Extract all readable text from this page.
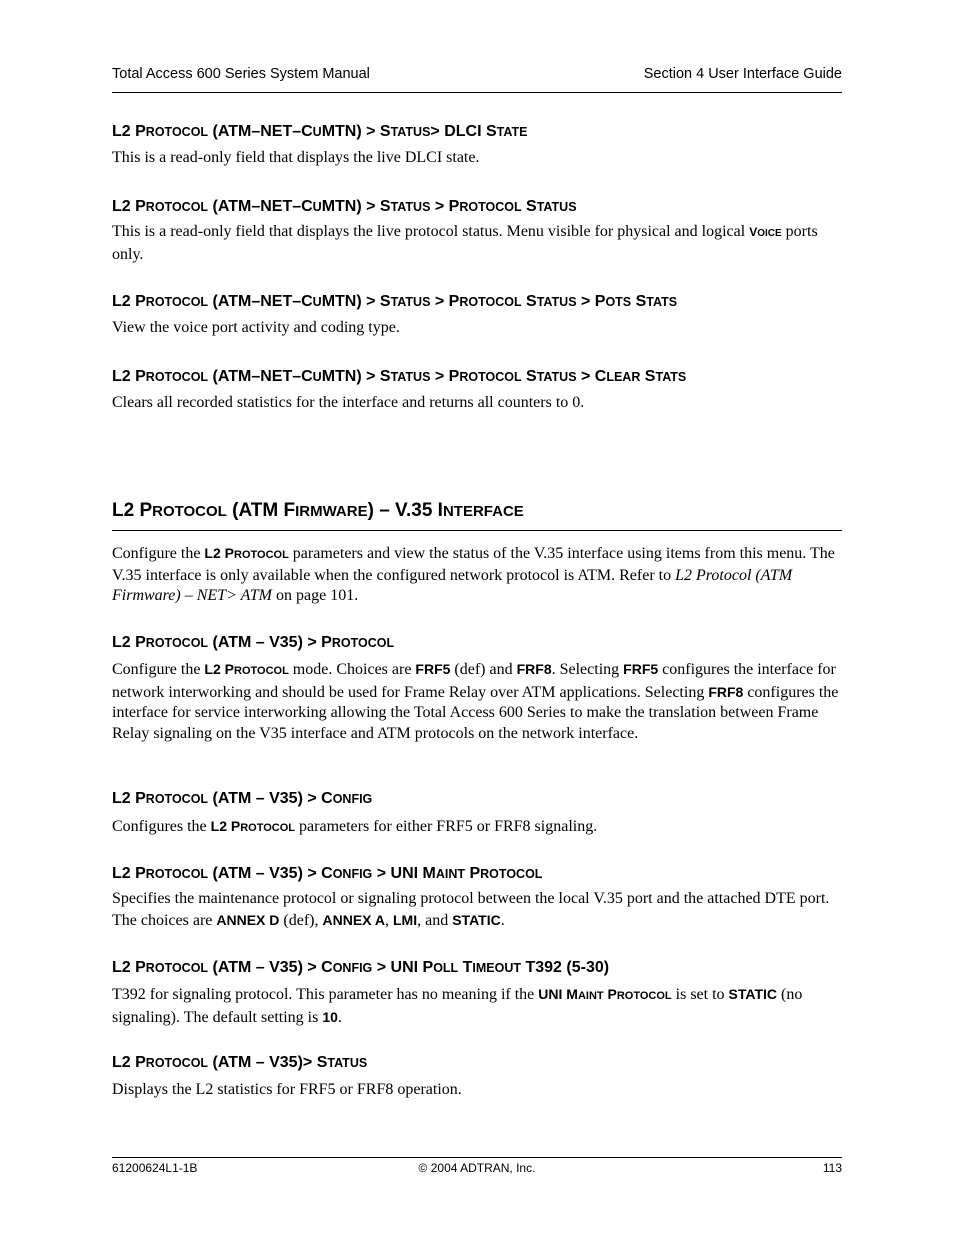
Total Access 600 Series System Manual	Section 4 User Interface Guide
L2 PROTOCOL (ATM–NET–CUMTN) > STATUS> DLCI STATE
This is a read-only field that displays the live DLCI state.
L2 PROTOCOL (ATM–NET–CUMTN) > STATUS > PROTOCOL STATUS
This is a read-only field that displays the live protocol status. Menu visible for physical and logical VOICE ports only.
L2 PROTOCOL (ATM–NET–CUMTN) > STATUS > PROTOCOL STATUS > POTS STATS
View the voice port activity and coding type.
L2 PROTOCOL (ATM–NET–CUMTN) > STATUS > PROTOCOL STATUS > CLEAR STATS
Clears all recorded statistics for the interface and returns all counters to 0.
L2 PROTOCOL (ATM FIRMWARE) – V.35 INTERFACE
Configure the L2 PROTOCOL parameters and view the status of the V.35 interface using items from this menu. The V.35 interface is only available when the configured network protocol is ATM. Refer to L2 Protocol (ATM Firmware) – NET> ATM on page 101.
L2 PROTOCOL (ATM – V35) > PROTOCOL
Configure the L2 PROTOCOL mode. Choices are FRF5 (def) and FRF8. Selecting FRF5 configures the interface for network interworking and should be used for Frame Relay over ATM applications. Selecting FRF8 configures the interface for service interworking allowing the Total Access 600 Series to make the translation between Frame Relay signaling on the V35 interface and ATM protocols on the network interface.
L2 PROTOCOL (ATM – V35) > CONFIG
Configures the L2 PROTOCOL parameters for either FRF5 or FRF8 signaling.
L2 PROTOCOL (ATM – V35) > CONFIG > UNI MAINT PROTOCOL
Specifies the maintenance protocol or signaling protocol between the local V.35 port and the attached DTE port. The choices are ANNEX D (def), ANNEX A, LMI, and STATIC.
L2 PROTOCOL (ATM – V35) > CONFIG > UNI POLL TIMEOUT T392 (5-30)
T392 for signaling protocol. This parameter has no meaning if the UNI MAINT PROTOCOL is set to STATIC (no signaling). The default setting is 10.
L2 PROTOCOL (ATM – V35)> STATUS
Displays the L2 statistics for FRF5 or FRF8 operation.
61200624L1-1B	© 2004 ADTRAN, Inc.	113
